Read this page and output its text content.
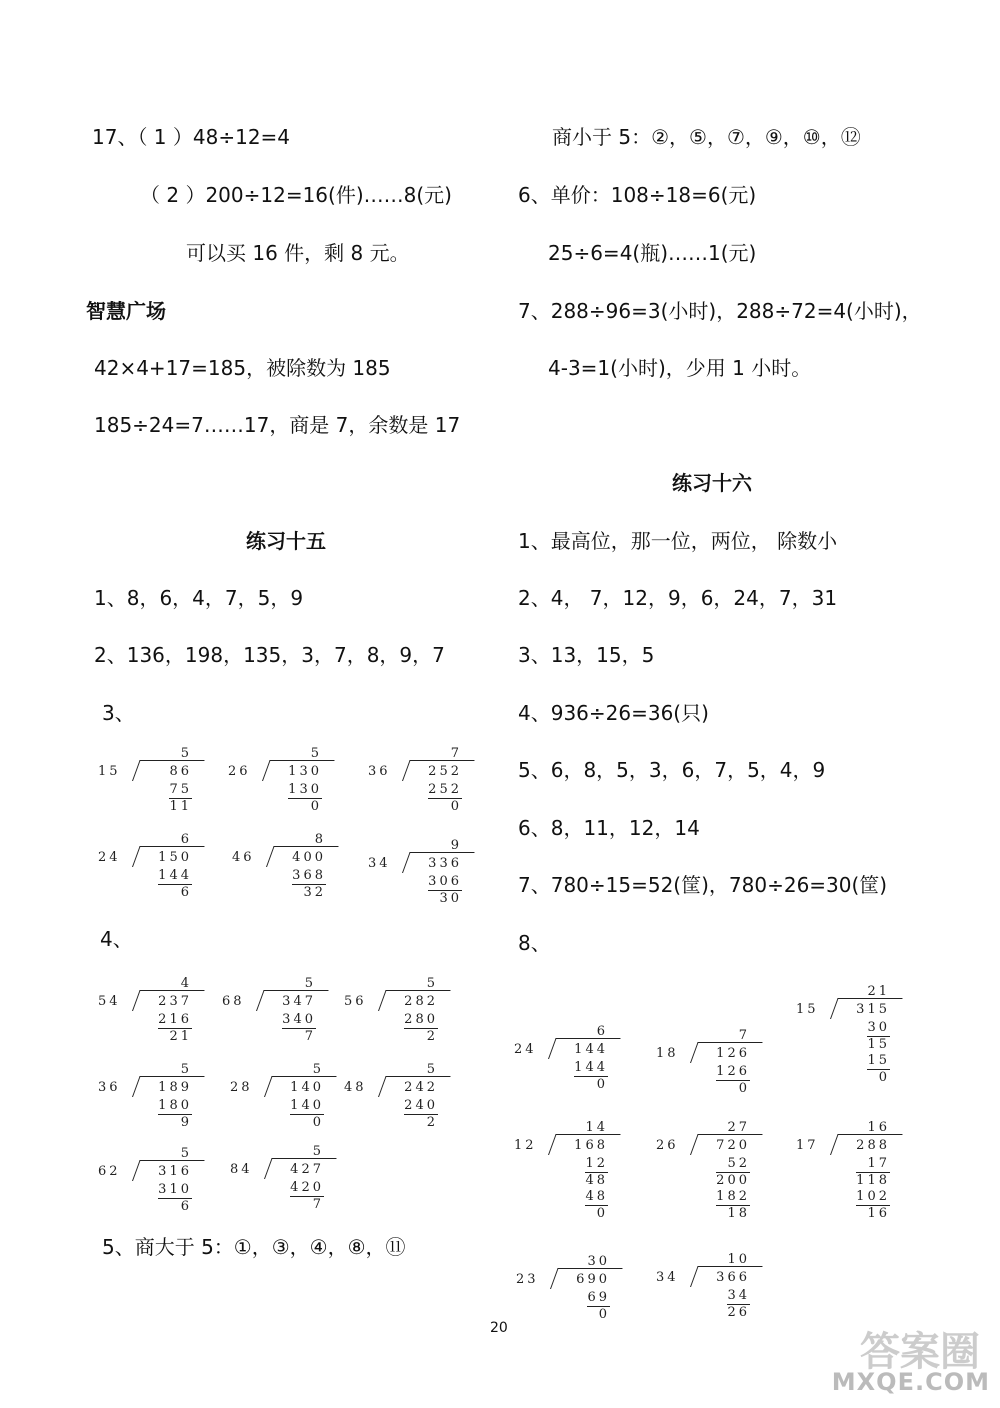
17、（ 1 ）48÷12=4
（ 2 ）200÷12=16(件)……8(元)
可以买 16 件，剩 8 元。
智慧广场
42×4+17=185，被除数为 185
185÷24=7……17，商是 7，余数是 17
练习十五
1、8，6，4，7，5，9
2、136，198，135，3，7，8，9，7
3、
5
15	86
75
11
5
26	130
130
0
7
36	252
252
0
6
24	150
144
6
8
46	400
368
32
9
34	336
306
30
4、
4
54	237
216
21
5
68	347
340
7
5
56	282
280
2
5
36	189
180
9
5
28	140
140
0
5
48	242
240
2
5
62	316
310
6
5
84	427
420
7
5、商大于 5：①，③，④，⑧，⑪
商小于 5：②，⑤，⑦，⑨，⑩，⑫
6、单价：108÷18=6(元)
25÷6=4(瓶)……1(元)
7、288÷96=3(小时)，288÷72=4(小时)，
4-3=1(小时)，少用 1 小时。
练习十六
1、最高位，那一位，两位， 除数小
2、4， 7，12，9，6，24，7，31
3、13，15，5
4、936÷26=36(只)
5、6，8，5，3，6，7，5，4，9
6、8，11，12，14
7、780÷15=52(筐)，780÷26=30(筐)
8、
6
24	144
144
0
7
18	126
126
0
21
15	315
30
15
15
0
14
12	168
12
48
48
0
27
26	720
52
200
182
18
16
17	288
17
118
102
16
30
23	690
69
0
10
34	366
34
26
20
答案圈
MXQE.COM
